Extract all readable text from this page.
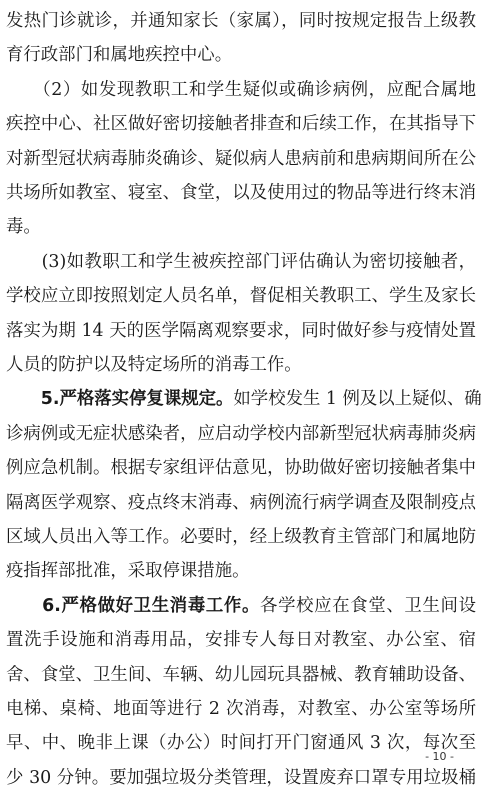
发热门诊就诊，并通知家长（家属），同时按规定报告上级教
育行政部门和属地疾控中心。
　　（2）如发现教职工和学生疑似或确诊病例，应配合属地
疾控中心、社区做好密切接触者排查和后续工作，在其指导下
对新型冠状病毒肺炎确诊、疑似病人患病前和患病期间所在公
共场所如教室、寝室、食堂，以及使用过的物品等进行终末消
毒。
　　(3)如教职工和学生被疾控部门评估确认为密切接触者，
学校应立即按照划定人员名单，督促相关教职工、学生及家长
落实为期 14 天的医学隔离观察要求，同时做好参与疫情处置
人员的防护以及特定场所的消毒工作。
　　5.严格落实停复课规定。如学校发生 1 例及以上疑似、确
诊病例或无症状感染者，应启动学校内部新型冠状病毒肺炎病
例应急机制。根据专家组评估意见，协助做好密切接触者集中
隔离医学观察、疫点终末消毒、病例流行病学调查及限制疫点
区域人员出入等工作。必要时，经上级教育主管部门和属地防
疫指挥部批准，采取停课措施。
　　6.严格做好卫生消毒工作。各学校应在食堂、卫生间设
置洗手设施和消毒用品，安排专人每日对教室、办公室、宿
舍、食堂、卫生间、车辆、幼儿园玩具器械、教育辅助设备、
电梯、桌椅、地面等进行 2 次消毒，对教室、办公室等场所
早、中、晚非上课（办公）时间打开门窗通风 3 次，每次至
少 30 分钟。要加强垃圾分类管理，设置废弃口罩专用垃圾桶
- 10 -
